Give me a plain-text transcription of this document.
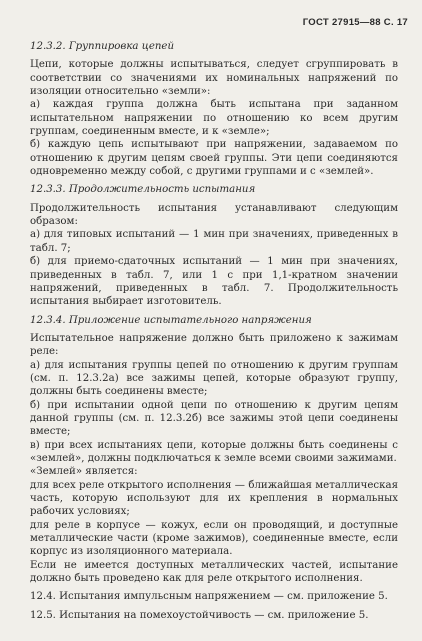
ГОСТ 27915—88 С. 17

12.3.2. Группировка цепей

Цепи, которые должны испытываться, следует сгруппировать в соответствии со значениями их номинальных напряжений по изоляции относительно «земли»:

а) каждая группа должна быть испытана при заданном испытательном напряжении по отношению ко всем другим группам, соединенным вместе, и к «земле»;

б) каждую цепь испытывают при напряжении, задаваемом по отношению к другим цепям своей группы. Эти цепи соединяются одновременно между собой, с другими группами и с «землей».

12.3.3. Продолжительность испытания

Продолжительность испытания устанавливают следующим образом:

а) для типовых испытаний — 1 мин при значениях, приведенных в табл. 7;

б) для приемо-сдаточных испытаний — 1 мин при значениях, приведенных в табл. 7, или 1 с при 1,1-кратном значении напряжений, приведенных в табл. 7. Продолжительность испытания выбирает изготовитель.

12.3.4. Приложение испытательного напряжения

Испытательное напряжение должно быть приложено к зажимам реле:

а) для испытания группы цепей по отношению к другим группам (см. п. 12.3.2а) все зажимы цепей, которые образуют группу, должны быть соединены вместе;

б) при испытании одной цепи по отношению к другим цепям данной группы (см. п. 12.3.2б) все зажимы этой цепи соединены вместе;

в) при всех испытаниях цепи, которые должны быть соединены с «землей», должны подключаться к земле всеми своими зажимами.

«Землей» является:

для всех реле открытого исполнения — ближайшая металлическая часть, которую используют для их крепления в нормальных рабочих условиях;

для реле в корпусе — кожух, если он проводящий, и доступные металлические части (кроме зажимов), соединенные вместе, если корпус из изоляционного материала.

Если не имеется доступных металлических частей, испытание должно быть проведено как для реле открытого исполнения.

12.4. Испытания импульсным напряжением — см. приложение 5.

12.5. Испытания на помехоустойчивость — см. приложение 5.
